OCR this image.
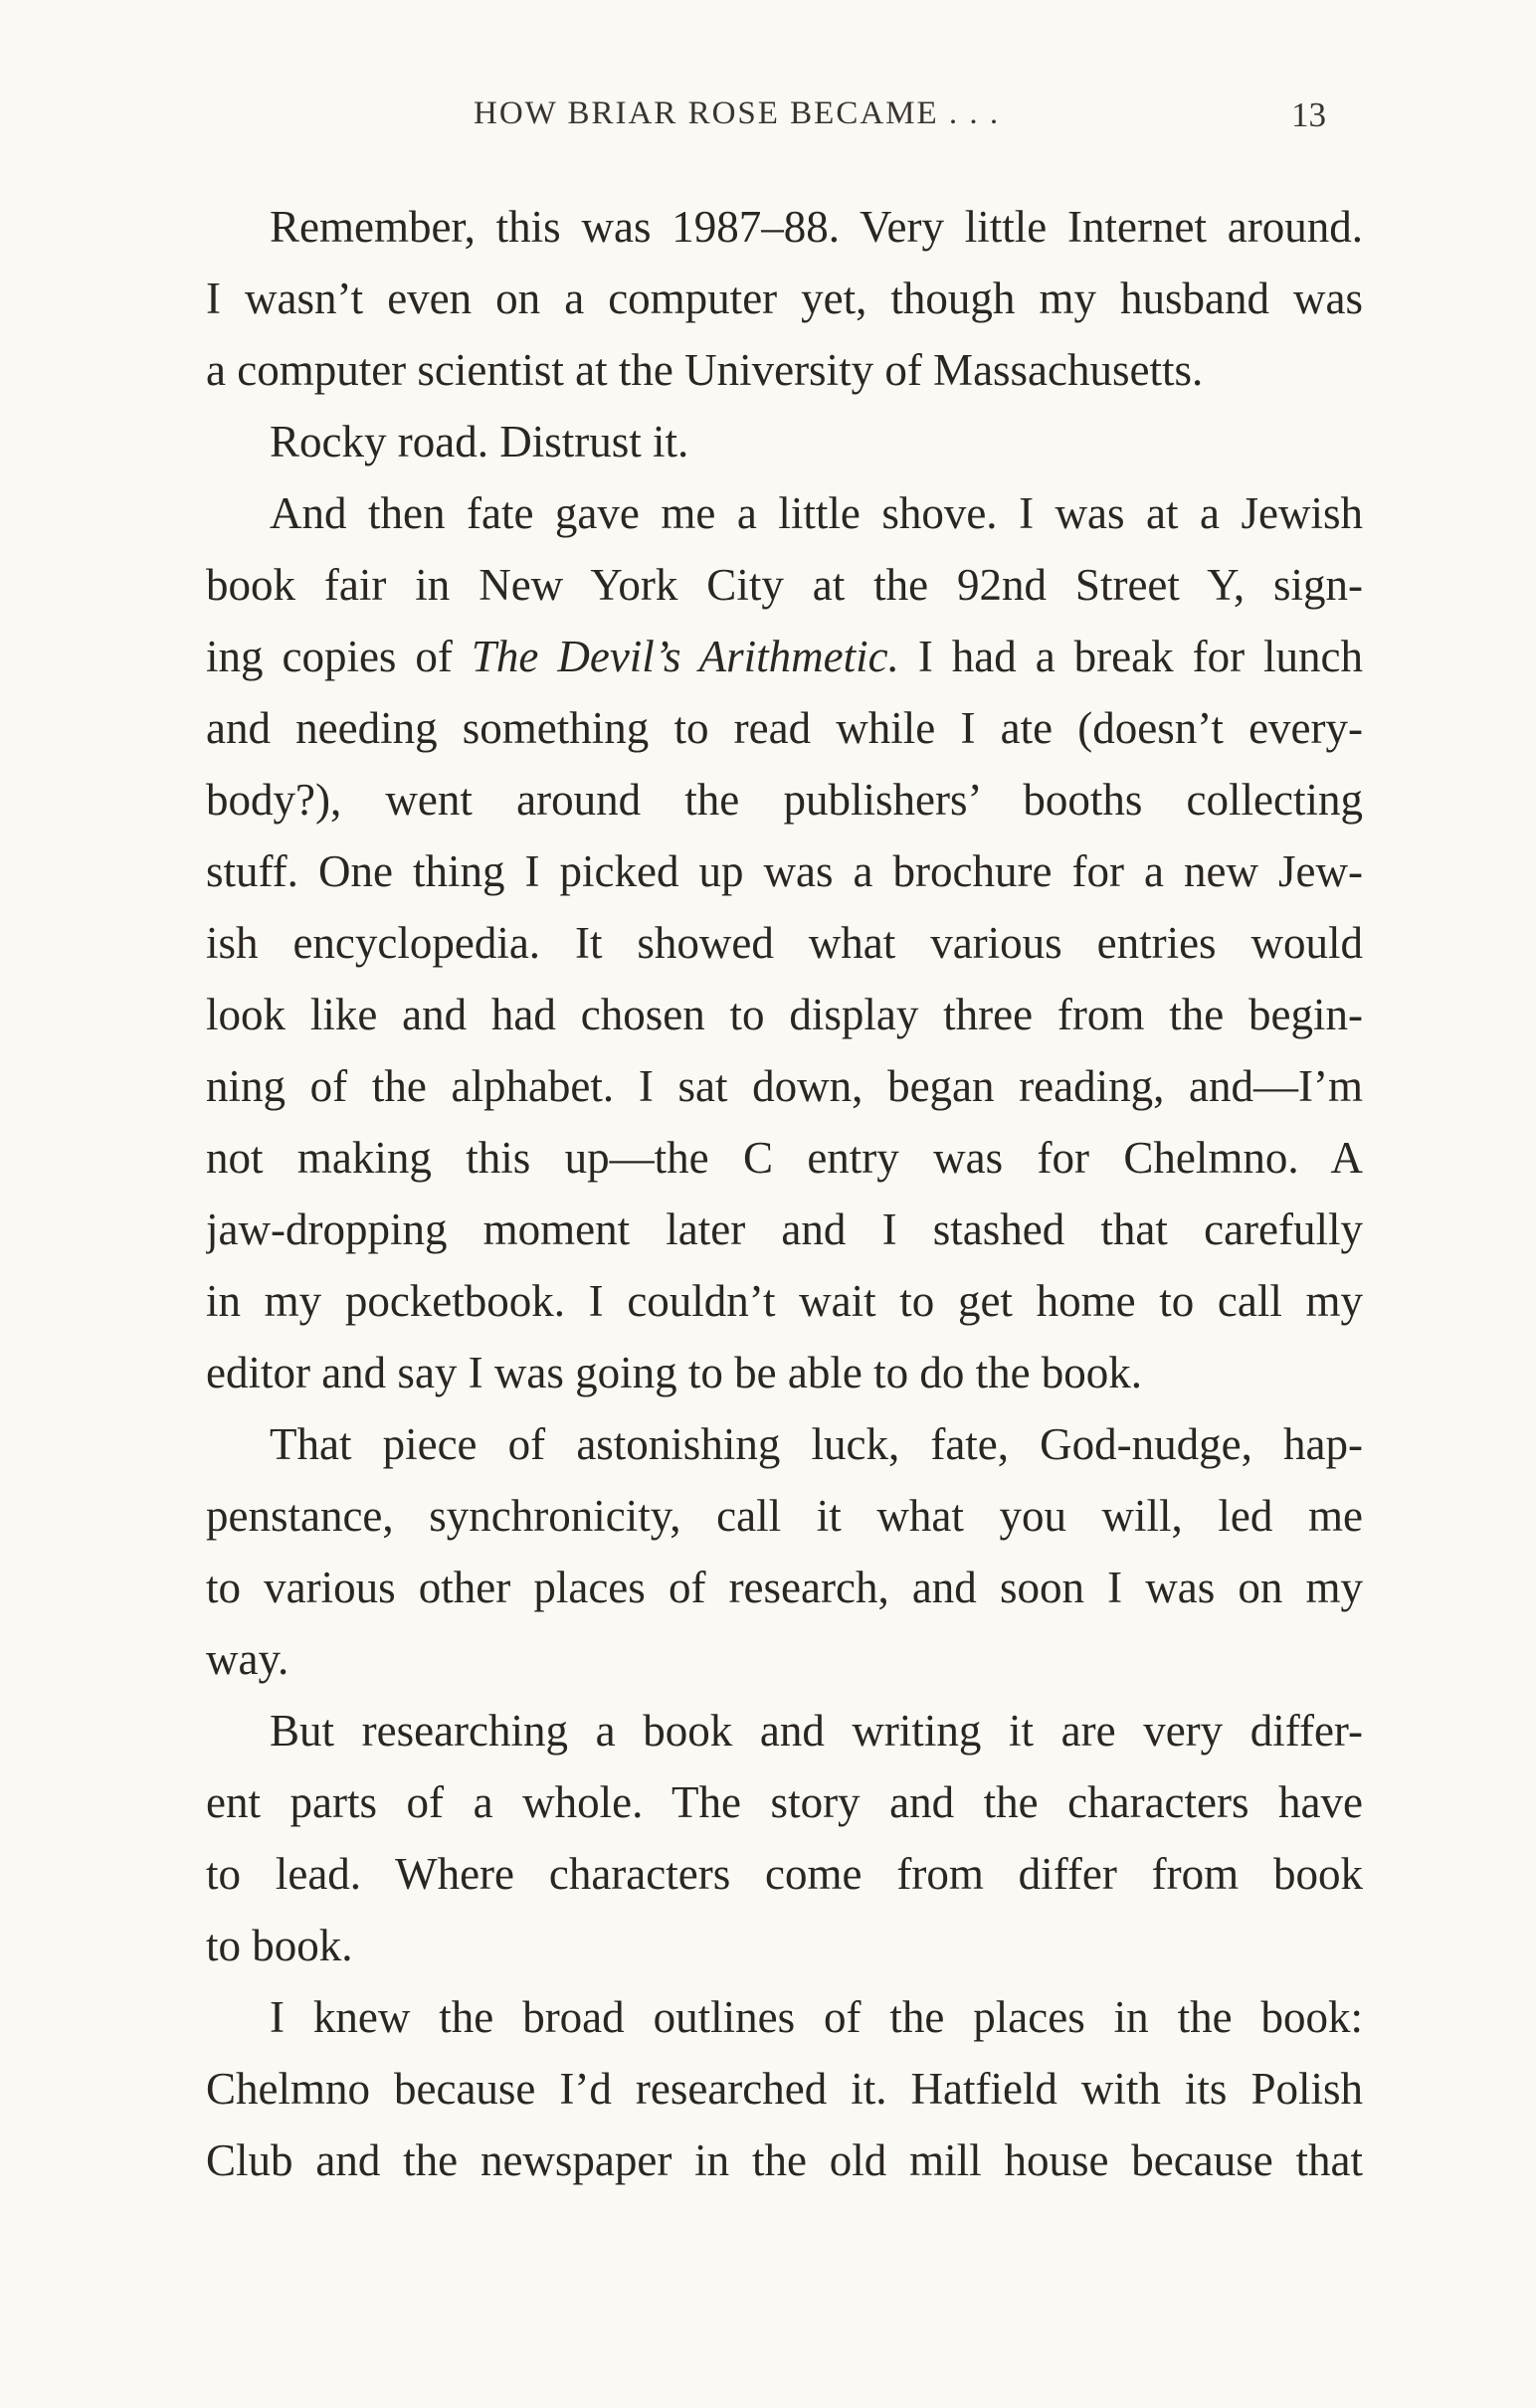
HOW BRIAR ROSE BECAME . . .	13
Remember, this was 1987–88. Very little Internet around.
I wasn’t even on a computer yet, though my husband was
a computer scientist at the University of Massachusetts.
Rocky road. Distrust it.
And then fate gave me a little shove. I was at a Jewish
book fair in New York City at the 92nd Street Y, sign-
ing copies of The Devil’s Arithmetic. I had a break for lunch
and needing something to read while I ate (doesn’t every-
body?), went around the publishers’ booths collecting
stuff. One thing I picked up was a brochure for a new Jew-
ish encyclopedia. It showed what various entries would
look like and had chosen to display three from the begin-
ning of the alphabet. I sat down, began reading, and—I’m
not making this up—the C entry was for Chelmno. A
jaw-dropping moment later and I stashed that carefully
in my pocketbook. I couldn’t wait to get home to call my
editor and say I was going to be able to do the book.
That piece of astonishing luck, fate, God-nudge, hap-
penstance, synchronicity, call it what you will, led me
to various other places of research, and soon I was on my
way.
But researching a book and writing it are very differ-
ent parts of a whole. The story and the characters have
to lead. Where characters come from differ from book
to book.
I knew the broad outlines of the places in the book:
Chelmno because I’d researched it. Hatfield with its Polish
Club and the newspaper in the old mill house because that
